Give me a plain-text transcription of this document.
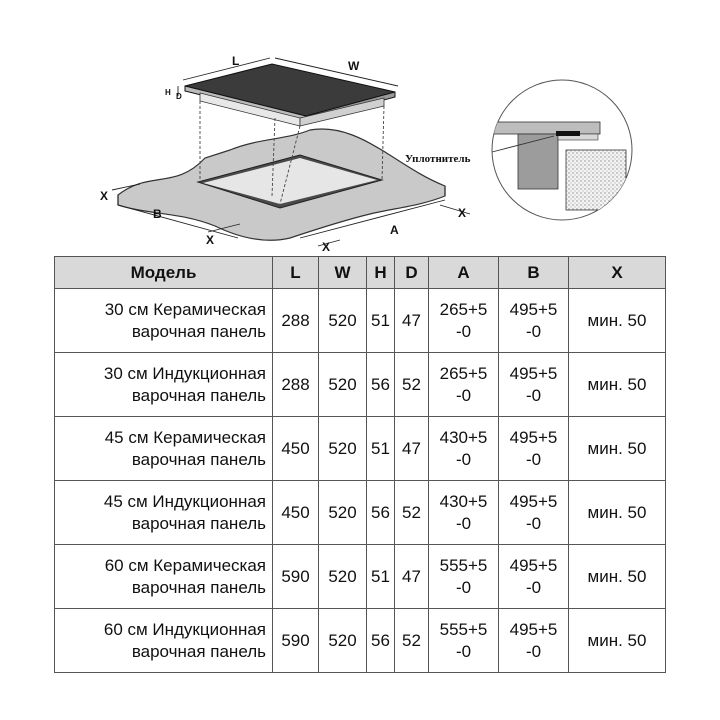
L	W
H D
X
B
X	X
A
X
Уплотнитель
Модель	L	W	H	D	A	B	X

30 см Керамическая
варочная панель	288	520	51	47	265+5
-0	495+5
-0	мин. 50

30 см Индукционная
варочная панель	288	520	56	52	265+5
-0	495+5
-0	мин. 50

45 см Керамическая
варочная панель	450	520	51	47	430+5
-0	495+5
-0	мин. 50

45 см Индукционная
варочная панель	450	520	56	52	430+5
-0	495+5
-0	мин. 50

60 см Керамическая
варочная панель	590	520	51	47	555+5
-0	495+5
-0	мин. 50

60 см Индукционная
варочная панель	590	520	56	52	555+5
-0	495+5
-0	мин. 50
